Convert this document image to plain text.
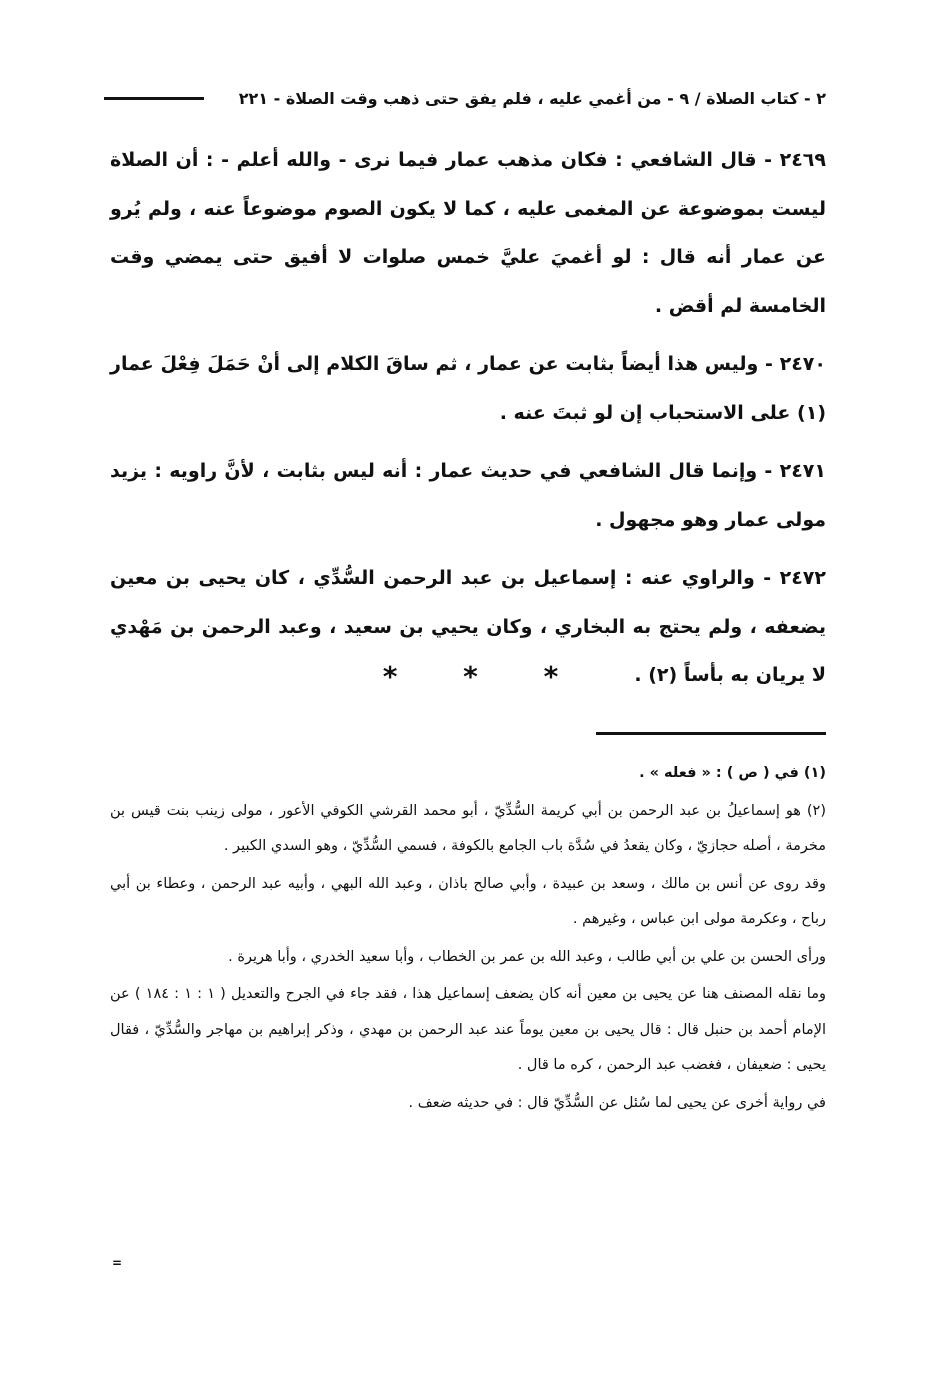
٢ - كتاب الصلاة / ٩ - من أغمي عليه ، فلم يفق حتى ذهب وقت الصلاة - ٢٢١

٢٤٦٩ - قال الشافعي : فكان مذهب عمار فيما نرى - والله أعلم - : أن الصلاة ليست بموضوعة عن المغمى عليه ، كما لا يكون الصوم موضوعاً عنه ، ولم يُرو عن عمار أنه قال : لو أغميَ عليَّ خمس صلوات لا أفيق حتى يمضي وقت الخامسة لم أقض .

٢٤٧٠ - وليس هذا أيضاً بثابت عن عمار ، ثم ساقَ الكلام إلى أنْ حَمَلَ فِعْلَ عمار (١) على الاستحباب إن لو ثبتَ عنه .

٢٤٧١ - وإنما قال الشافعي في حديث عمار : أنه ليس بثابت ، لأنَّ راويه : يزيد مولى عمار وهو مجهول .

٢٤٧٢ - والراوي عنه : إسماعيل بن عبد الرحمن السُّدِّي ، كان يحيى بن معين يضعفه ، ولم يحتج به البخاري ، وكان يحيي بن سعيد ، وعبد الرحمن بن مَهْدي لا يريان به بأساً (٢) .

* * *

(١) في ( ص ) : « فعله » .

(٢) هو إسماعيلُ بن عبد الرحمن بن أبي كريمة السُّدِّيّ ، أبو محمد القرشي الكوفي الأعور ، مولى زينب بنت قيس بن مخرمة ، أصله حجازيّ ، وكان يقعدُ في سُدَّة باب الجامع بالكوفة ، فسمي السُّدِّيّ ، وهو السدي الكبير .

وقد روى عن أنس بن مالك ، وسعد بن عبيدة ، وأبي صالح باذان ، وعبد الله البهي ، وأبيه عبد الرحمن ، وعطاء بن أبي رباح ، وعكرمة مولى ابن عباس ، وغيرهم .

ورأى الحسن بن علي بن أبي طالب ، وعبد الله بن عمر بن الخطاب ، وأبا سعيد الخدري ، وأبا هريرة .

وما نقله المصنف هنا عن يحيى بن معين أنه كان يضعف إسماعيل هذا ، فقد جاء في الجرح والتعديل ( ١ : ١ : ١٨٤ ) عن الإمام أحمد بن حنبل قال : قال يحيى بن معين يوماً عند عبد الرحمن بن مهدي ، وذكر إبراهيم بن مهاجر والسُّدِّيّ ، فقال يحيى : ضعيفان ، فغضب عبد الرحمن ، كره ما قال .

في رواية أخرى عن يحيى لما سُئل عن السُّدِّيّ قال : في حديثه ضعف .

=
